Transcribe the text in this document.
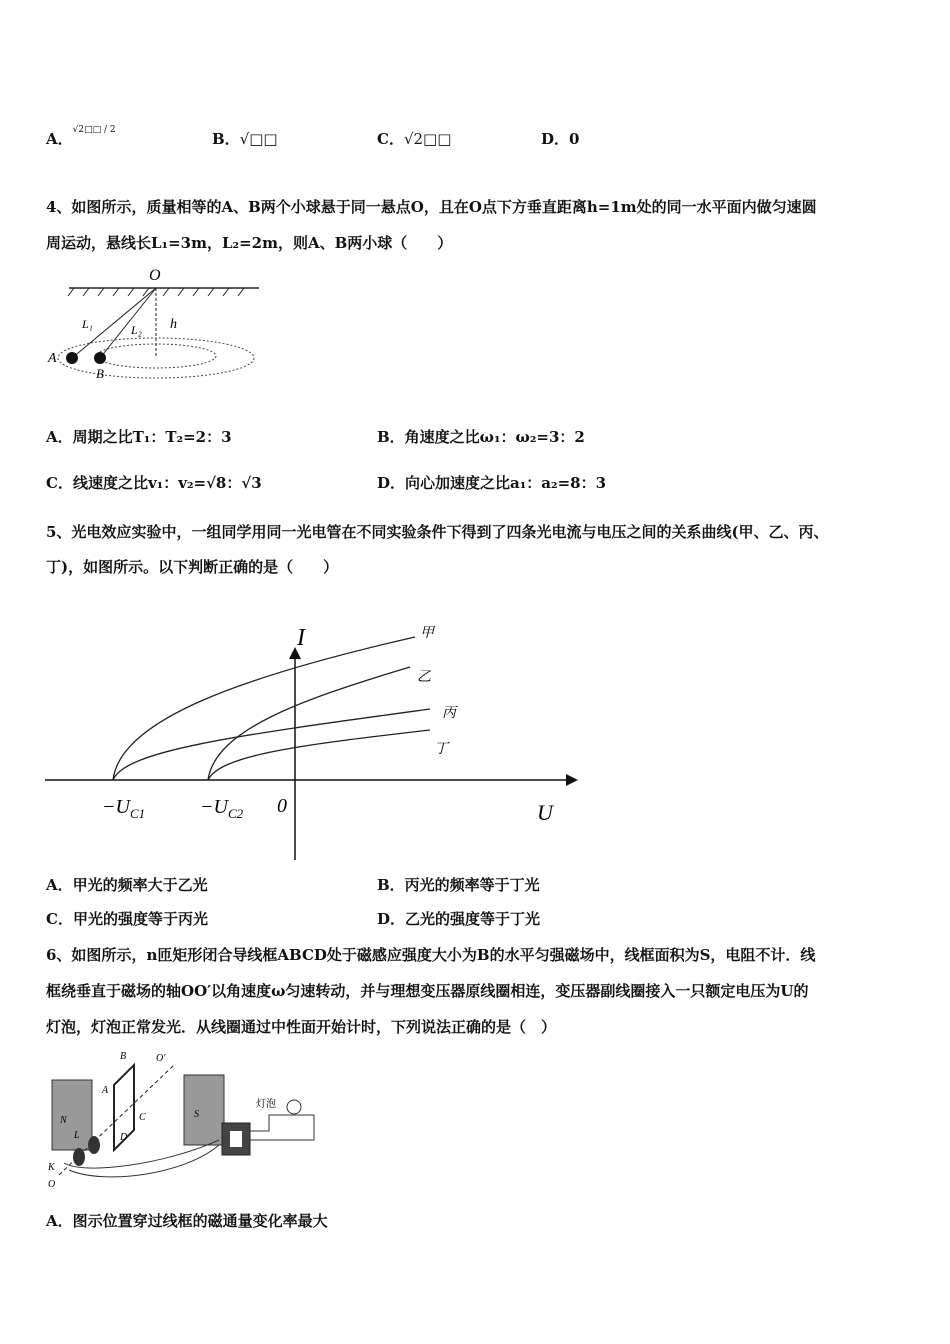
A．$^{√2□□ / 2}$	B．√□□	C．√2□□	D．0
4、如图所示，质量相等的A、B两个小球悬于同一悬点O，且在O点下方垂直距离h=1m处的同一水平面内做匀速圆
周运动，悬线长L₁=3m，L₂=2m，则A、B两小球（　　）
O
L₁	L₂ h
A
B
A．周期之比T₁：T₂=2：3	B．角速度之比ω₁：ω₂=3：2
C．线速度之比v₁：v₂=√8：√3	D．向心加速度之比a₁：a₂=8：3
5、光电效应实验中，一组同学用同一光电管在不同实验条件下得到了四条光电流与电压之间的关系曲线(甲、乙、丙、
丁)，如图所示。以下判断正确的是（　　）
I
U
0
$-U_{C1}$	$-U_{C2}$
甲
乙
丙
丁
A．甲光的频率大于乙光	B．丙光的频率等于丁光
C．甲光的强度等于丙光	D．乙光的强度等于丁光
6、如图所示，n匝矩形闭合导线框ABCD处于磁感应强度大小为B的水平匀强磁场中，线框面积为S，电阻不计．线
框绕垂直于磁场的轴OO′以角速度ω匀速转动，并与理想变压器原线圈相连，变压器副线圈接入一只额定电压为U的
灯泡，灯泡正常发光．从线圈通过中性面开始计时，下列说法正确的是（　）
N
S
A
B
C
D
K
L
O
O′
灯泡
A．图示位置穿过线框的磁通量变化率最大
